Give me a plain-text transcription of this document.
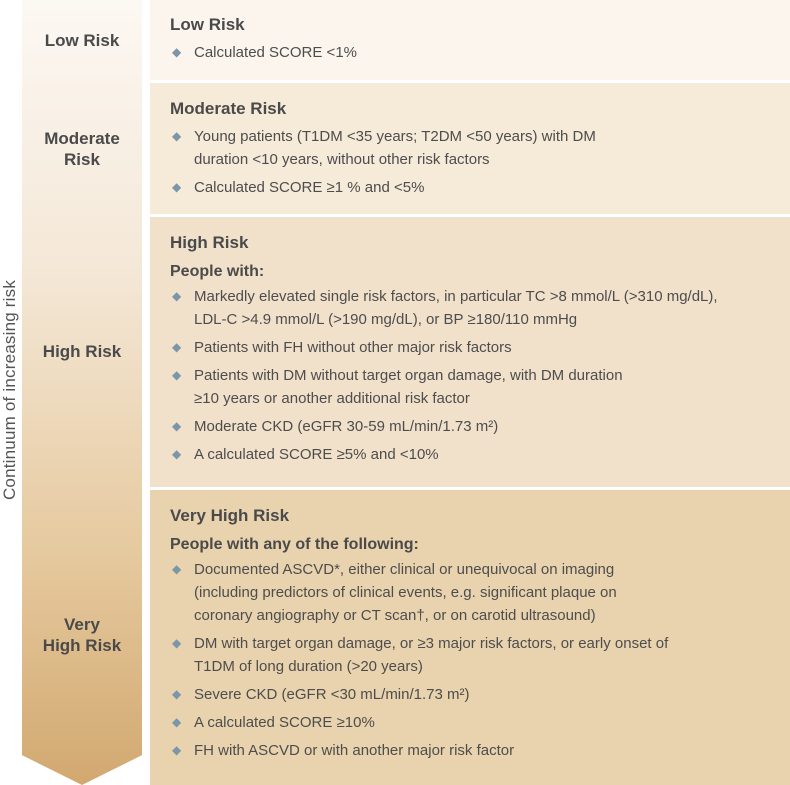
Continuum of increasing risk
Low Risk
Moderate
Risk
High Risk
Very
High Risk
Low Risk
◆ Calculated SCORE <1%
Moderate Risk
◆ Young patients (T1DM <35 years; T2DM <50 years) with DM duration <10 years, without other risk factors
◆ Calculated SCORE ≥1 % and <5%
High Risk
People with:
◆ Markedly elevated single risk factors, in particular TC >8 mmol/L (>310 mg/dL), LDL-C >4.9 mmol/L (>190 mg/dL), or BP ≥180/110 mmHg
◆ Patients with FH without other major risk factors
◆ Patients with DM without target organ damage, with DM duration ≥10 years or another additional risk factor
◆ Moderate CKD (eGFR 30-59 mL/min/1.73 m²)
◆ A calculated SCORE ≥5% and <10%
Very High Risk
People with any of the following:
◆ Documented ASCVD*, either clinical or unequivocal on imaging (including predictors of clinical events, e.g. significant plaque on coronary angiography or CT scan†, or on carotid ultrasound)
◆ DM with target organ damage, or ≥3 major risk factors, or early onset of T1DM of long duration (>20 years)
◆ Severe CKD (eGFR <30 mL/min/1.73 m²)
◆ A calculated SCORE ≥10%
◆ FH with ASCVD or with another major risk factor
